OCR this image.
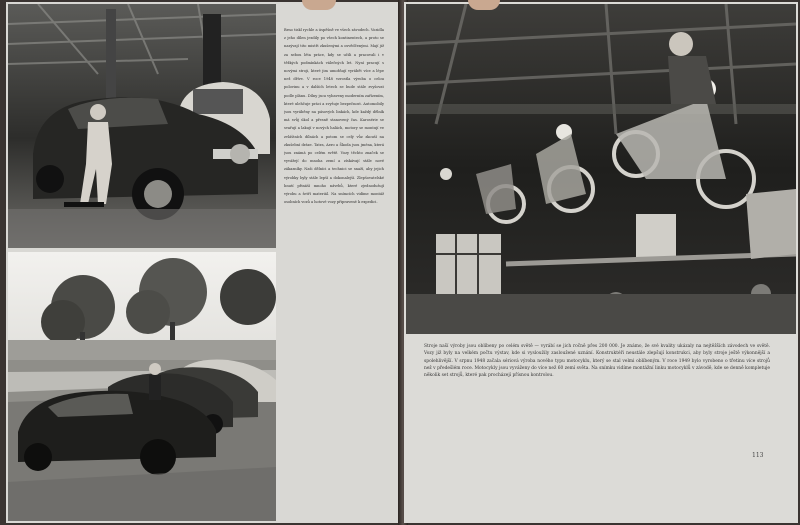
Brno tiskl rychle a úspěšně ve všech závodech. Vozidla z jeho dílen jezdily po všech kontinentech, a proto se nazývají tito mistři zkušenými a osvědčenými. Mají již za sebou léta práce, kdy se učili a pracovali i v těžkých podmínkách válečných let. Nyní pracují s novými stroji, které jim umožňují vyrábět více a lépe než dříve. V roce 1948 vzrostla výroba o celou polovinu a v dalších letech se bude stále zvyšovat podle plánu. Dílny jsou vybaveny moderním zařízením, které ulehčuje práci a zvyšuje bezpečnost. Automobily jsou vyráběny na pásových linkách, kde každý dělník má svůj úkol a přesně stanovený čas. Karosérie se svařují a lakují v nových halách, motory se montují ve zvláštních dílnách a potom se celý vůz zkouší na zkušební dráze. Tatra, Aero a Škoda jsou jména, která jsou známá po celém světě. Vozy těchto značek se vyvážejí do mnoha zemí a získávají stále nové zákazníky. Naši dělníci a technici se snaží, aby jejich výrobky byly stále lepší a dokonalejší. Zlepšovatelské hnutí přináší mnoho návrhů, které zjednodušují výrobu a šetří materiál. Na snímcích vidíme montáž osobních vozů a hotové vozy připravené k expedici.

Stroje naší výroby jsou oblíbeny po celém světě — vyrábí se jich ročně přes 200 000. Je známo, že své kvality ukázaly na nejtěžších závodech ve světě. Vozy již byly na velkém počtu výstav, kde si vysloužily zasloužené uznání. Konstruktéři neustále zlepšují konstrukci, aby byly stroje ještě výkonnější a spolehlivější. V srpnu 1948 začala sériová výroba nového typu motocyklu, který se stal velmi oblíbeným. V roce 1949 bylo vyrobeno o třetinu více strojů než v předešlém roce. Motocykly jsou vyváženy do více než 60 zemí světa. Na snímku vidíme montážní linku motocyklů v závodě, kde se denně kompletuje několik set strojů, které pak procházejí přísnou kontrolou.

113
